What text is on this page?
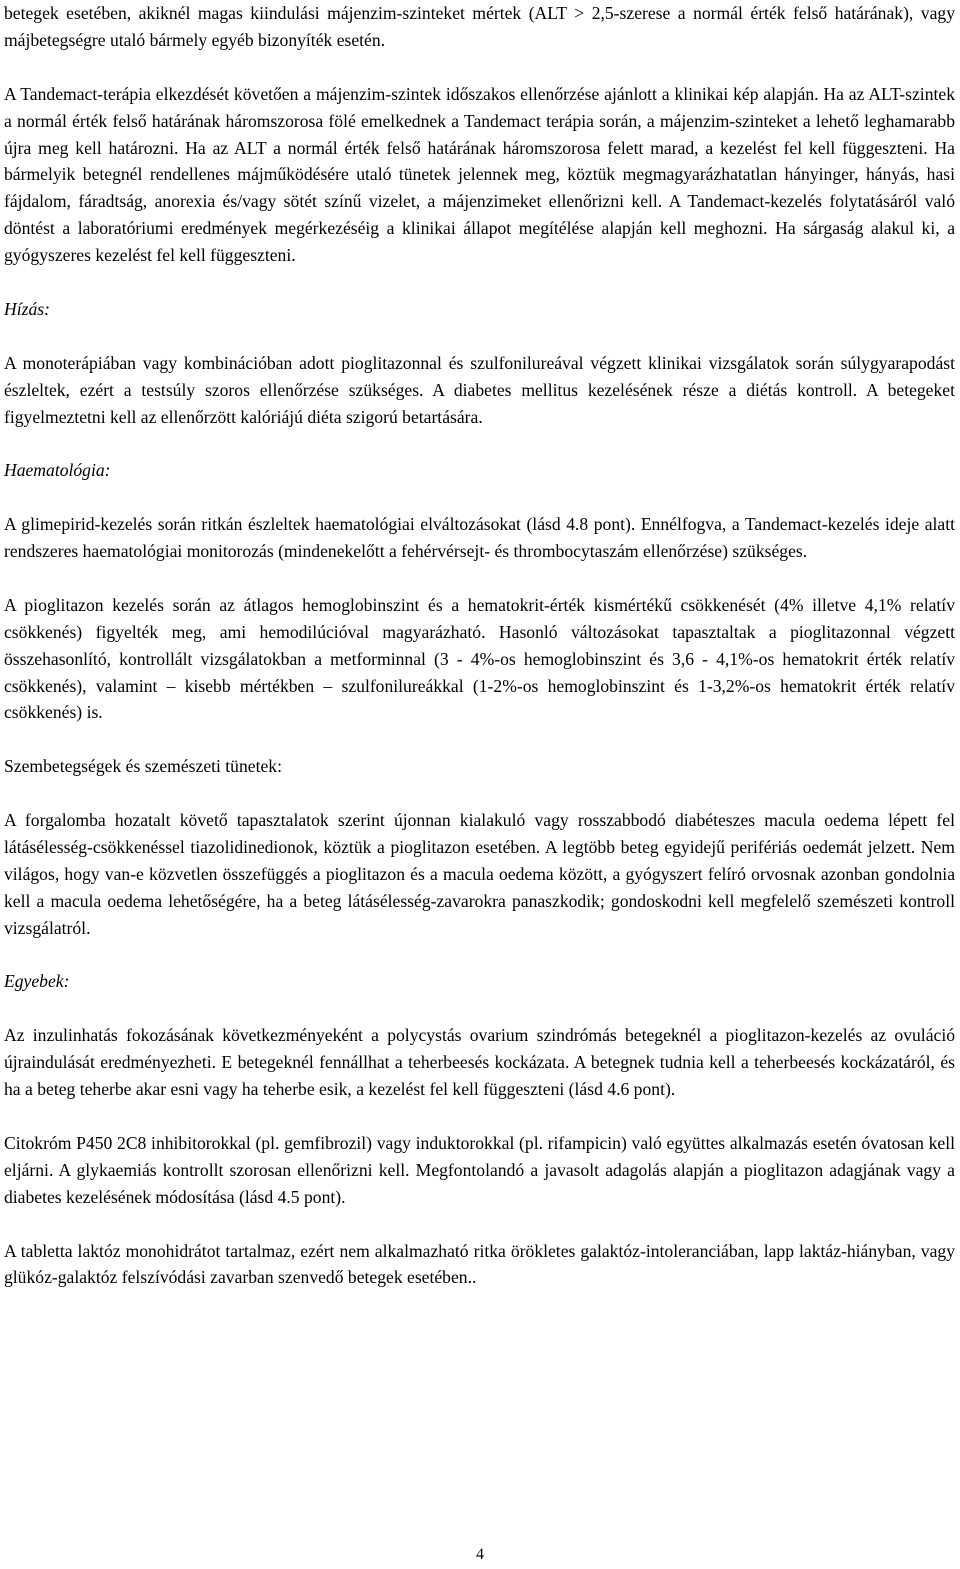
betegek esetében, akiknél magas kiindulási májenzim-szinteket mértek (ALT > 2,5-szerese a normál érték felső határának), vagy májbetegségre utaló bármely egyéb bizonyíték esetén.

A Tandemact-terápia elkezdését követően a májenzim-szintek időszakos ellenőrzése ajánlott a klinikai kép alapján. Ha az ALT-szintek a normál érték felső határának háromszorosa fölé emelkednek a Tandemact terápia során, a májenzim-szinteket a lehető leghamarabb újra meg kell határozni. Ha az ALT a normál érték felső határának háromszorosa felett marad, a kezelést fel kell függeszteni. Ha bármelyik betegnél rendellenes májműködésére utaló tünetek jelennek meg, köztük megmagyarázhatatlan hányinger, hányás, hasi fájdalom, fáradtság, anorexia és/vagy sötét színű vizelet, a májenzimeket ellenőrizni kell. A Tandemact-kezelés folytatásáról való döntést a laboratóriumi eredmények megérkezéséig a klinikai állapot megítélése alapján kell meghozni. Ha sárgaság alakul ki, a gyógyszeres kezelést fel kell függeszteni.

Hízás:

A monoterápiában vagy kombinációban adott pioglitazonnal és szulfonilureával végzett klinikai vizsgálatok során súlygyarapodást észleltek, ezért a testsúly szoros ellenőrzése szükséges. A diabetes mellitus kezelésének része a diétás kontroll. A betegeket figyelmeztetni kell az ellenőrzött kalóriájú diéta szigorú betartására.

Haematológia:

A glimepirid-kezelés során ritkán észleltek haematológiai elváltozásokat (lásd 4.8 pont). Ennélfogva, a Tandemact-kezelés ideje alatt rendszeres haematológiai monitorozás (mindenekelőtt a fehérvérsejt- és thrombocytaszám ellenőrzése) szükséges.

A pioglitazon kezelés során az átlagos hemoglobinszint és a hematokrit-érték kismértékű csökkenését (4% illetve 4,1% relatív csökkenés) figyelték meg, ami hemodilúcióval magyarázható. Hasonló változásokat tapasztaltak a pioglitazonnal végzett összehasonlító, kontrollált vizsgálatokban a metforminnal (3 - 4%-os hemoglobinszint és 3,6 - 4,1%-os hematokrit érték relatív csökkenés), valamint – kisebb mértékben – szulfonilureákkal (1-2%-os hemoglobinszint és 1-3,2%-os hematokrit érték relatív csökkenés) is.

Szembetegségek és szemészeti tünetek:

A forgalomba hozatalt követő tapasztalatok szerint újonnan kialakuló vagy rosszabbodó diabéteszes macula oedema lépett fel látásélesség-csökkenéssel tiazolidinedionok, köztük a pioglitazon esetében. A legtöbb beteg egyidejű perifériás oedemát jelzett. Nem világos, hogy van-e közvetlen összefüggés a pioglitazon és a macula oedema között, a gyógyszert felíró orvosnak azonban gondolnia kell a macula oedema lehetőségére, ha a beteg látásélesség-zavarokra panaszkodik; gondoskodni kell megfelelő szemészeti kontroll vizsgálatról.

Egyebek:

Az inzulinhatás fokozásának következményeként a polycystás ovarium szindrómás betegeknél a pioglitazon-kezelés az ovuláció újraindulását eredményezheti. E betegeknél fennállhat a teherbeesés kockázata. A betegnek tudnia kell a teherbeesés kockázatáról, és ha a beteg teherbe akar esni vagy ha teherbe esik, a kezelést fel kell függeszteni (lásd 4.6 pont).

Citokróm P450 2C8 inhibitorokkal (pl. gemfibrozil) vagy induktorokkal (pl. rifampicin) való együttes alkalmazás esetén óvatosan kell eljárni. A glykaemiás kontrollt szorosan ellenőrizni kell. Megfontolandó a javasolt adagolás alapján a pioglitazon adagjának vagy a diabetes kezelésének módosítása (lásd 4.5 pont).

A tabletta laktóz monohidrátot tartalmaz, ezért nem alkalmazható ritka örökletes galaktóz-intoleranciában, lapp laktáz-hiányban, vagy glükóz-galaktóz felszívódási zavarban szenvedő betegek esetében..

4
